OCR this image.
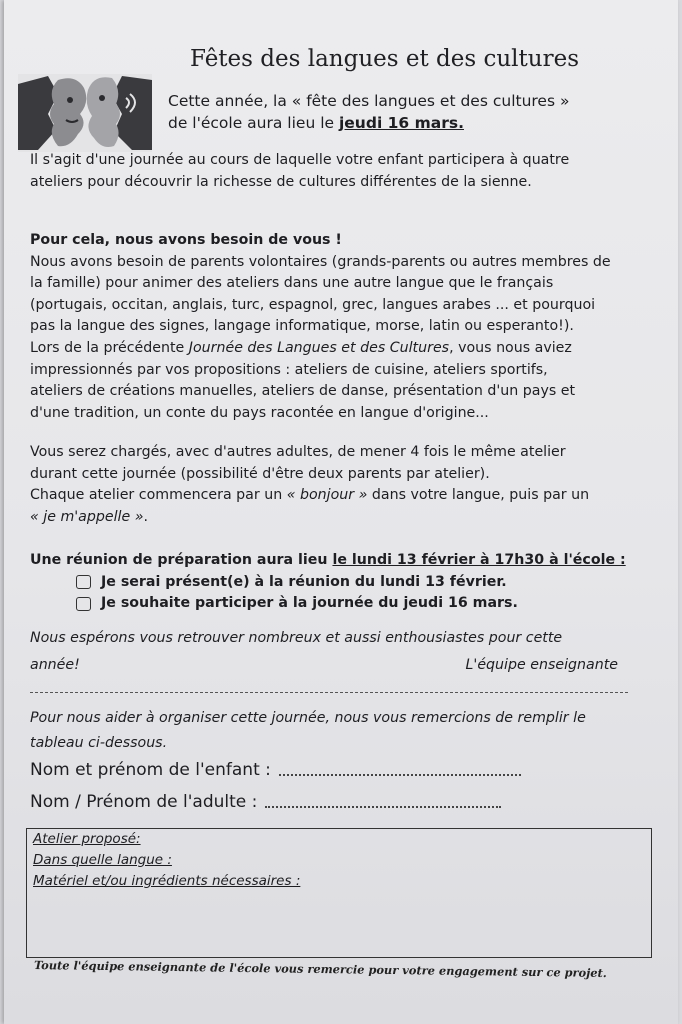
Fêtes des langues et des cultures
Cette année, la « fête des langues et des cultures »
de l'école aura lieu le jeudi 16 mars.
Il s'agit d'une journée au cours de laquelle votre enfant participera à quatre
ateliers pour découvrir la richesse de cultures différentes de la sienne.
Pour cela, nous avons besoin de vous !
Nous avons besoin de parents volontaires (grands-parents ou autres membres de
la famille) pour animer des ateliers dans une autre langue que le français
(portugais, occitan, anglais, turc, espagnol, grec, langues arabes ... et pourquoi
pas la langue des signes, langage informatique, morse, latin ou esperanto!).
Lors de la précédente Journée des Langues et des Cultures, vous nous aviez
impressionnés par vos propositions : ateliers de cuisine, ateliers sportifs,
ateliers de créations manuelles, ateliers de danse, présentation d'un pays et
d'une tradition, un conte du pays racontée en langue d'origine...
Vous serez chargés, avec d'autres adultes, de mener 4 fois le même atelier
durant cette journée (possibilité d'être deux parents par atelier).
Chaque atelier commencera par un « bonjour » dans votre langue, puis par un
« je m'appelle ».
Une réunion de préparation aura lieu le lundi 13 février à 17h30 à l'école :
Je serai présent(e) à la réunion du lundi 13 février.
Je souhaite participer à la journée du jeudi 16 mars.
Nous espérons vous retrouver nombreux et aussi enthousiastes pour cette
année!	L'équipe enseignante
Pour nous aider à organiser cette journée, nous vous remercions de remplir le
tableau ci-dessous.
Nom et prénom de l'enfant :
Nom / Prénom de l'adulte :
Atelier proposé:
Dans quelle langue :
Matériel et/ou ingrédients nécessaires :
Toute l'équipe enseignante de l'école vous remercie pour votre engagement sur ce projet.
